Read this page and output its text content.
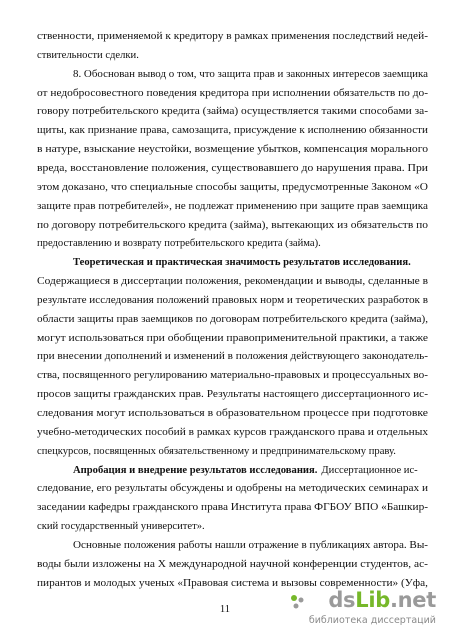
ственности, применяемой к кредитору в рамках применения последствий недей-
ствительности сделки.
8. Обоснован вывод о том, что защита прав и законных интересов заемщика
от недобросовестного поведения кредитора при исполнении обязательств по до-
говору потребительского кредита (займа) осуществляется такими способами за-
щиты, как признание права, самозащита, присуждение к исполнению обязанности
в натуре, взыскание неустойки, возмещение убытков, компенсация морального
вреда, восстановление положения, существовавшего до нарушения права. При
этом доказано, что специальные способы защиты, предусмотренные Законом «О
защите прав потребителей», не подлежат применению при защите прав заемщика
по договору потребительского кредита (займа), вытекающих из обязательств по
предоставлению и возврату потребительского кредита (займа).
Теоретическая и практическая значимость результатов исследования.
Содержащиеся в диссертации положения, рекомендации и выводы, сделанные в
результате исследования положений правовых норм и теоретических разработок в
области защиты прав заемщиков по договорам потребительского кредита (займа),
могут использоваться при обобщении правоприменительной практики, а также
при внесении дополнений и изменений в положения действующего законодатель-
ства, посвященного регулированию материально-правовых и процессуальных во-
просов защиты гражданских прав. Результаты настоящего диссертационного ис-
следования могут использоваться в образовательном процессе при подготовке
учебно-методических пособий в рамках курсов гражданского права и отдельных
спецкурсов, посвященных обязательственному и предпринимательскому праву.
Апробация и внедрение результатов исследования. Дисcертационное ис-
следование, его результаты обсуждены и одобрены на методических семинарах и
заседании кафедры гражданского права Института права ФГБОУ ВПО «Башкир-
ский государственный университет».
Основные положения работы нашли отражение в публикациях автора. Вы-
воды были изложены на X международной научной конференции студентов, ас-
пирантов и молодых ученых «Правовая система и вызовы современности» (Уфа,
dsLib.net
библиотека диссертаций
11
